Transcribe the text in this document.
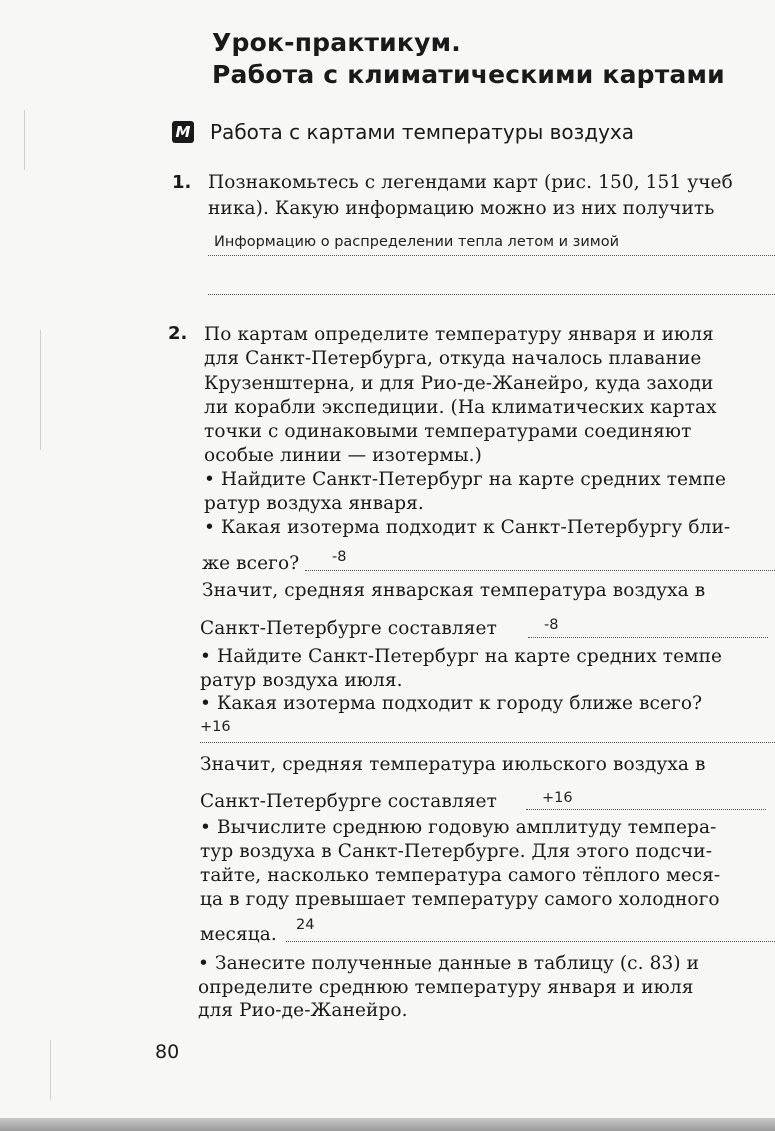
Урок-практикум.
Работа с климатическими картами
М Работа с картами температуры воздуха
1. Познакомьтесь с легендами карт (рис. 150, 151 учеб
ника). Какую информацию можно из них получить
Информацию о распределении тепла летом и зимой
2. По картам определите температуру января и июля
для Санкт-Петербурга, откуда началось плавание
Крузенштерна, и для Рио-де-Жанейро, куда заходи
ли корабли экспедиции. (На климатических картах
точки с одинаковыми температурами соединяют
особые линии — изотермы.)
• Найдите Санкт-Петербург на карте средних темпе
ратур воздуха января.
• Какая изотерма подходит к Санкт-Петербургу бли-
же всего? -8
Значит, средняя январская температура воздуха в
Санкт-Петербурге составляет	-8
• Найдите Санкт-Петербург на карте средних темпе
ратур воздуха июля.
• Какая изотерма подходит к городу ближе всего?
+16
Значит, средняя температура июльского воздуха в
Санкт-Петербурге составляет	+16
• Вычислите среднюю годовую амплитуду темпера-
тур воздуха в Санкт-Петербурге. Для этого подсчи-
тайте, насколько температура самого тёплого меся-
ца в году превышает температуру самого холодного
месяца. 24
• Занесите полученные данные в таблицу (с. 83) и
определите среднюю температуру января и июля
для Рио-де-Жанейро.
80
